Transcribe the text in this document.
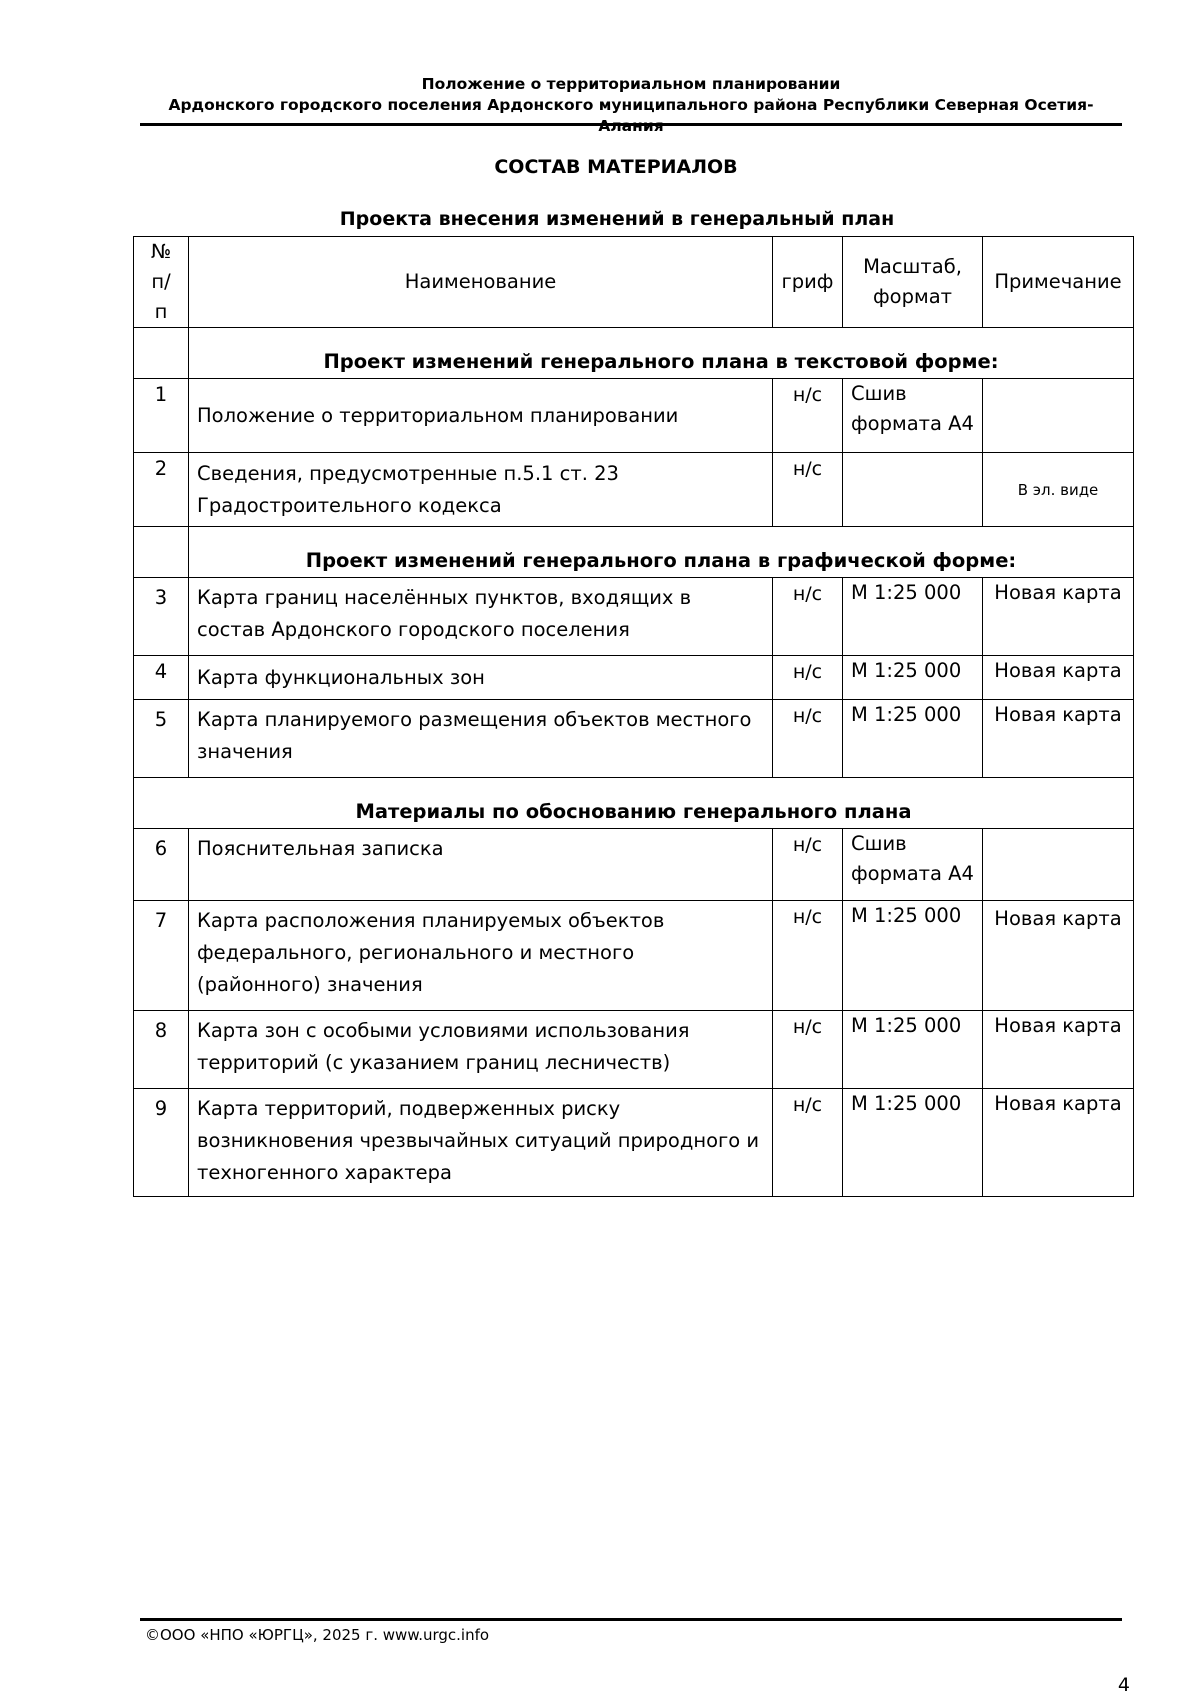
Положение о территориальном планировании
Ардонского городского поселения Ардонского муниципального района Республики Северная Осетия-Алания
СОСТАВ МАТЕРИАЛОВ
Проекта внесения изменений в генеральный план
№ п/п	Наименование	гриф	Масштаб, формат	Примечание
	Проект изменений генерального плана в текстовой форме:			
1	Положение о территориальном планировании	н/с	Сшив формата А4	
2	Сведения, предусмотренные п.5.1 ст. 23 Градостроительного кодекса	н/с		В эл. виде
	Проект изменений генерального плана в графической форме:			
3	Карта границ населённых пунктов, входящих в состав Ардонского городского поселения	н/с	М 1:25 000	Новая карта
4	Карта функциональных зон	н/с	М 1:25 000	Новая карта
5	Карта планируемого размещения объектов местного значения	н/с	М 1:25 000	Новая карта
Материалы по обоснованию генерального плана				
6	Пояснительная записка	н/с	Сшив формата А4	
7	Карта расположения планируемых объектов федерального, регионального и местного (районного) значения	н/с	М 1:25 000	Новая карта
8	Карта зон с особыми условиями использования территорий (с указанием границ лесничеств)	н/с	М 1:25 000	Новая карта
9	Карта территорий, подверженных риску возникновения чрезвычайных ситуаций природного и техногенного характера	н/с	М 1:25 000	Новая карта
©ООО «НПО «ЮРГЦ», 2025 г. www.urgc.info
4
